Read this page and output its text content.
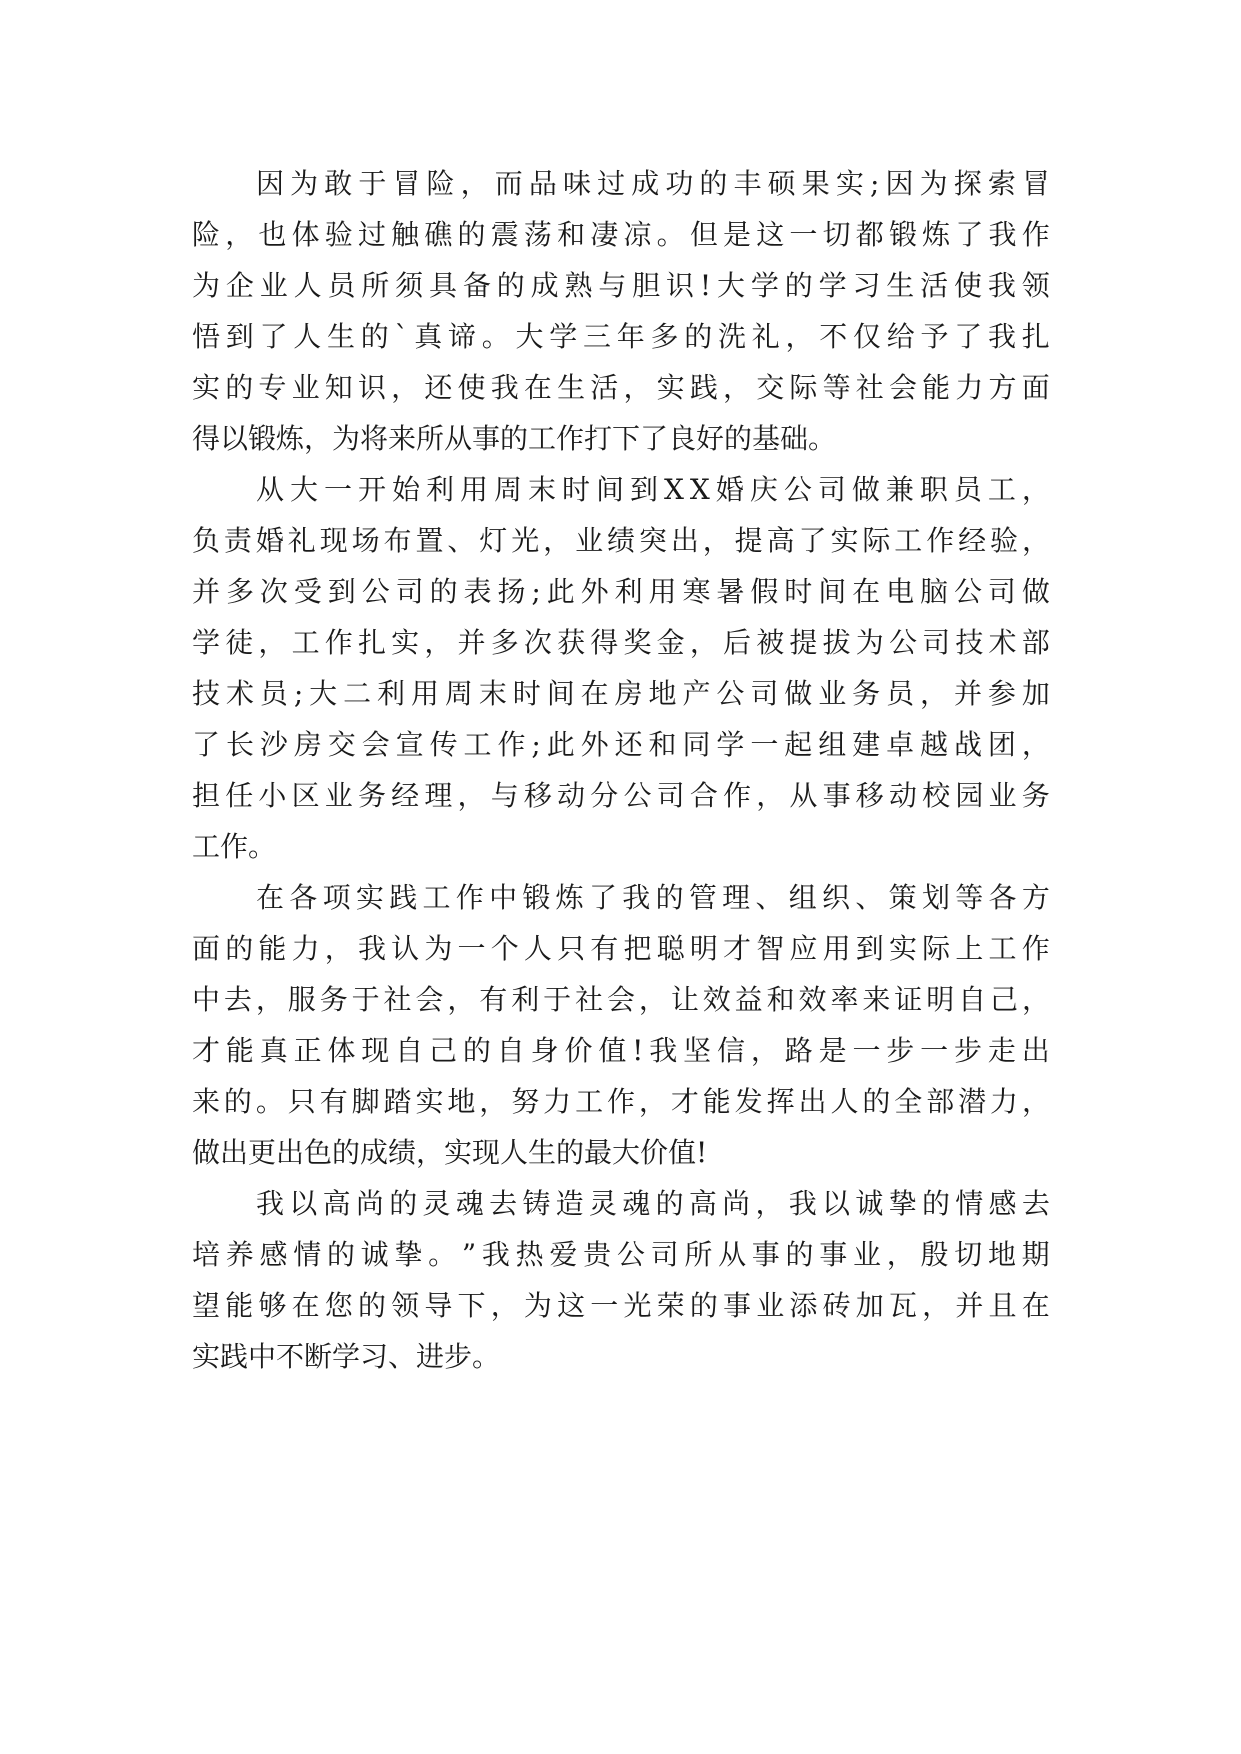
因 为 敢 于 冒 险 ， 而 品 味 过 成 功 的 丰 硕 果 实 ; 因 为 探 索 冒
险 ， 也 体 验 过 触 礁 的 震 荡 和 凄 凉 。 但 是 这 一 切 都 锻 炼 了 我 作
为 企 业 人 员 所 须 具 备 的 成 熟 与 胆 识 ! 大 学 的 学 习 生 活 使 我 领
悟 到 了 人 生 的 ` 真 谛 。 大 学 三 年 多 的 洗 礼 ， 不 仅 给 予 了 我 扎
实 的 专 业 知 识 ， 还 使 我 在 生 活 ， 实 践 ， 交 际 等 社 会 能 力 方 面
得以锻炼，为将来所从事的工作打下了良好的基础。
从 大 一 开 始 利 用 周 末 时 间 到 X X 婚 庆 公 司 做 兼 职 员 工 ，
负 责 婚 礼 现 场 布 置 、 灯 光 ， 业 绩 突 出 ， 提 高 了 实 际 工 作 经 验 ，
并 多 次 受 到 公 司 的 表 扬 ; 此 外 利 用 寒 暑 假 时 间 在 电 脑 公 司 做
学 徒 ， 工 作 扎 实 ， 并 多 次 获 得 奖 金 ， 后 被 提 拔 为 公 司 技 术 部
技 术 员 ; 大 二 利 用 周 末 时 间 在 房 地 产 公 司 做 业 务 员 ， 并 参 加
了 长 沙 房 交 会 宣 传 工 作 ; 此 外 还 和 同 学 一 起 组 建 卓 越 战 团 ，
担 任 小 区 业 务 经 理 ， 与 移 动 分 公 司 合 作 ， 从 事 移 动 校 园 业 务
工作。
在 各 项 实 践 工 作 中 锻 炼 了 我 的 管 理 、 组 织 、 策 划 等 各 方
面 的 能 力 ， 我 认 为 一 个 人 只 有 把 聪 明 才 智 应 用 到 实 际 上 工 作
中 去 ， 服 务 于 社 会 ， 有 利 于 社 会 ， 让 效 益 和 效 率 来 证 明 自 己 ，
才 能 真 正 体 现 自 己 的 自 身 价 值 ! 我 坚 信 ， 路 是 一 步 一 步 走 出
来 的 。 只 有 脚 踏 实 地 ， 努 力 工 作 ， 才 能 发 挥 出 人 的 全 部 潜 力 ，
做出更出色的成绩，实现人生的最大价值!
我 以 高 尚 的 灵 魂 去 铸 造 灵 魂 的 高 尚 ， 我 以 诚 挚 的 情 感 去
培 养 感 情 的 诚 挚 。 ” 我 热 爱 贵 公 司 所 从 事 的 事 业 ， 殷 切 地 期
望 能 够 在 您 的 领 导 下 ， 为 这 一 光 荣 的 事 业 添 砖 加 瓦 ， 并 且 在
实践中不断学习、进步。
